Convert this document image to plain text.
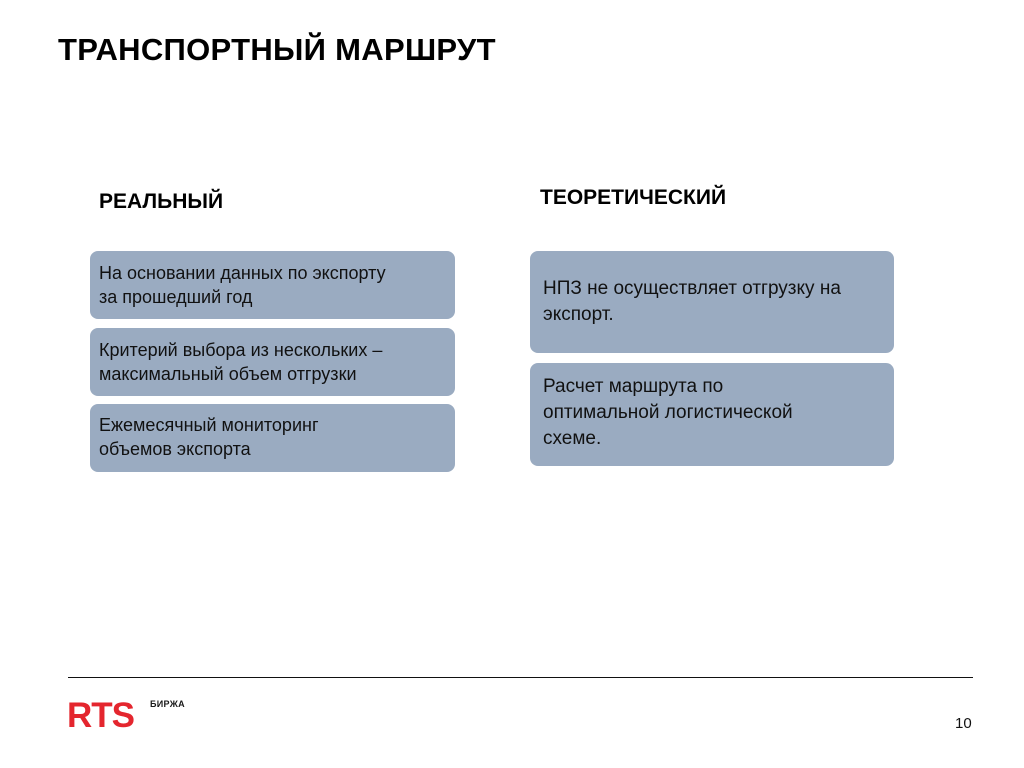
ТРАНСПОРТНЫЙ МАРШРУТ
РЕАЛЬНЫЙ	ТЕОРЕТИЧЕСКИЙ
На основании данных по экспорту
за прошедший год
Критерий выбора из нескольких –
максимальный объем отгрузки
Ежемесячный мониторинг
объемов экспорта
НПЗ не осуществляет отгрузку на
экспорт.
Расчет маршрута по
оптимальной логистической
схеме.
RTS БИРЖА
10
